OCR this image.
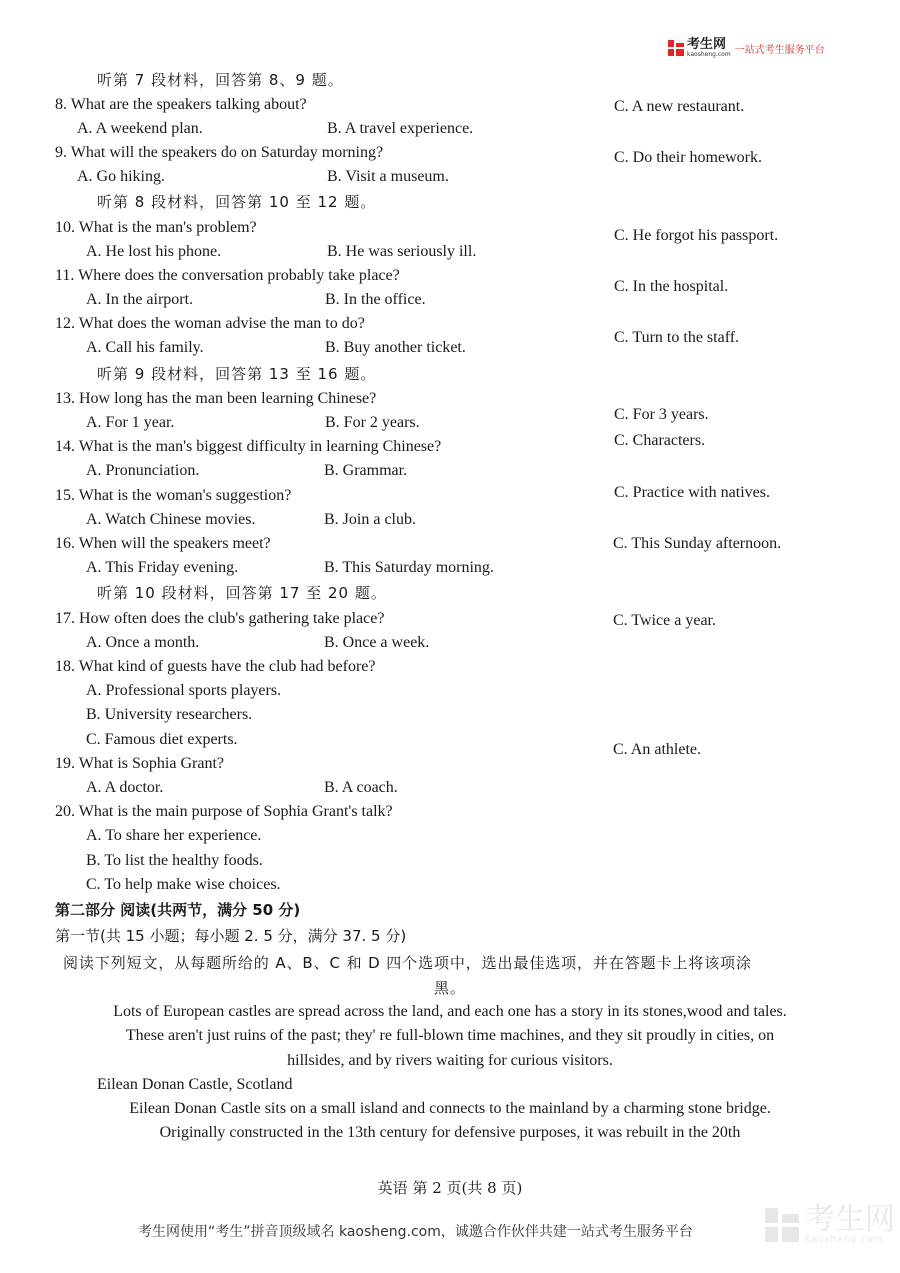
考生网
kaosheng.com 一站式考生服务平台
听第 7 段材料，回答第 8、9 题。
8. What are the speakers talking about?
A. A weekend plan.	B. A travel experience.
C. A new restaurant.
9. What will the speakers do on Saturday morning?
A. Go hiking.	B. Visit a museum.
C. Do their homework.
听第 8 段材料，回答第 10 至 12 题。
10. What is the man's problem?
A. He lost his phone.	B. He was seriously ill.
C. He forgot his passport.
11. Where does the conversation probably take place?
A. In the airport.	B. In the office.
C. In the hospital.
12. What does the woman advise the man to do?
A. Call his family.	B. Buy another ticket.
C. Turn to the staff.
听第 9 段材料，回答第 13 至 16 题。
13. How long has the man been learning Chinese?
A. For 1 year.	B. For 2 years.	C. For 3 years.
14. What is the man's biggest difficulty in learning Chinese?
A. Pronunciation.	B. Grammar.
C. Characters.
15. What is the woman's suggestion?
A. Watch Chinese movies.	B. Join a club.
C. Practice with natives.
16. When will the speakers meet?
A. This Friday evening.	B. This Saturday morning.
C. This Sunday afternoon.
听第 10 段材料，回答第 17 至 20 题。
17. How often does the club's gathering take place?
A. Once a month.	B. Once a week.
C. Twice a year.
18. What kind of guests have the club had before?
A. Professional sports players.
B. University researchers.
C. Famous diet experts.
19. What is Sophia Grant?
A. A doctor.	B. A coach.
C. An athlete.
20. What is the main purpose of Sophia Grant's talk?
A. To share her experience.
B. To list the healthy foods.
C. To help make wise choices.
第二部分 阅读(共两节，满分 50 分)
第一节(共 15 小题；每小题 2. 5 分，满分 37. 5 分)
阅读下列短文，从每题所给的 A、B、C 和 D 四个选项中，选出最佳选项，并在答题卡上将该项涂
黑。
Lots of European castles are spread across the land, and each one has a story in its stones,wood and tales.
These aren't just ruins of the past; they' re full-blown time machines, and they sit proudly in cities, on
hillsides, and by rivers waiting for curious visitors.
Eilean Donan Castle, Scotland
Eilean Donan Castle sits on a small island and connects to the mainland by a charming stone bridge.
Originally constructed in the 13th century for defensive purposes, it was rebuilt in the 20th
英语 第 2 页(共 8 页)
考生网使用“考生”拼音顶级域名 kaosheng.com，诚邀合作伙伴共建一站式考生服务平台	考生网
Kaosheng.com
